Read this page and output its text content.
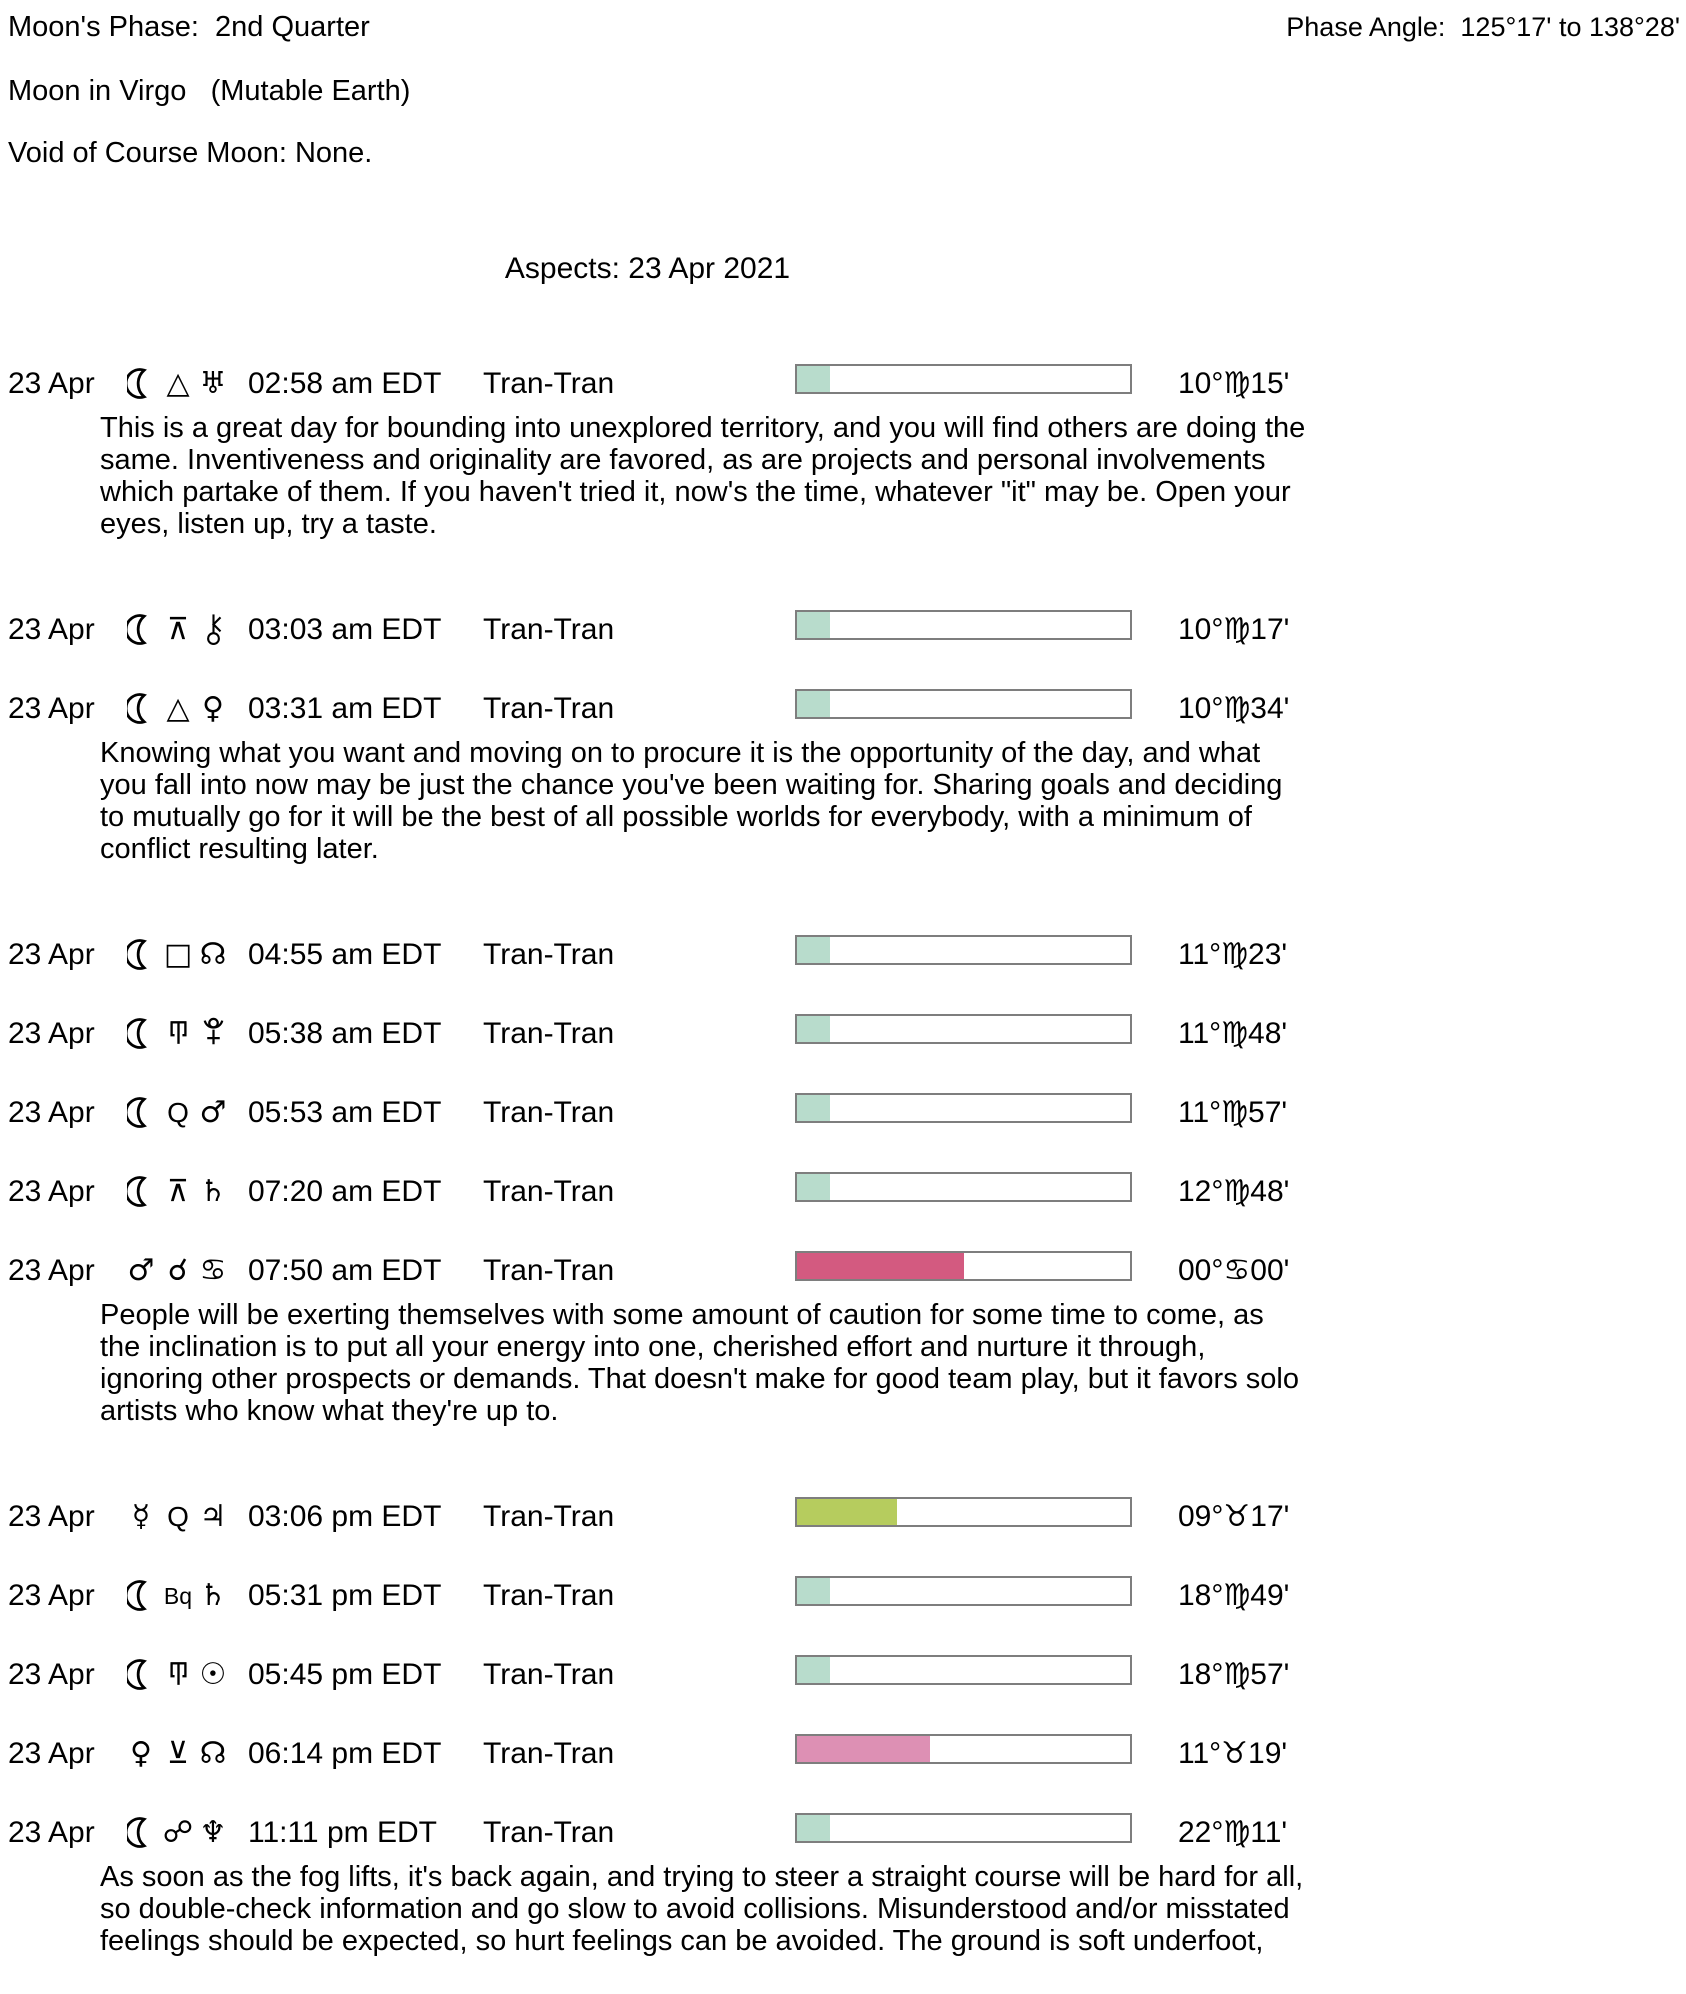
Moon's Phase:  2nd Quarter	Phase Angle:  125°17' to 138°28'
Moon in Virgo   (Mutable Earth)
Void of Course Moon: None.
Aspects: 23 Apr 2021
23 Apr	△ ♅ 02:58 am EDT Tran-Tran	10°♍15'
This is a great day for bounding into unexplored territory, and you will find others are doing the same. Inventiveness and originality are favored, as are projects and personal involvements which partake of them. If you haven't tried it, now's the time, whatever "it" may be. Open your eyes, listen up, try a taste.
23 Apr	⊼	03:03 am EDT Tran-Tran	10°♍17'
23 Apr	△ ♀ 03:31 am EDT Tran-Tran	10°♍34'
Knowing what you want and moving on to procure it is the opportunity of the day, and what you fall into now may be just the chance you've been waiting for. Sharing goals and deciding to mutually go for it will be the best of all possible worlds for everybody, with a minimum of conflict resulting later.
23 Apr □ ☊ 04:55 am EDT Tran-Tran	11°♍23'
23 Apr	05:38 am EDT Tran-Tran	11°♍48'
23 Apr	Q ♂ 05:53 am EDT Tran-Tran	11°♍57'
23 Apr	⊼ ♄ 07:20 am EDT Tran-Tran	12°♍48'
23 Apr ♂ ☌ ♋ 07:50 am EDT Tran-Tran	00°♋00'
People will be exerting themselves with some amount of caution for some time to come, as the inclination is to put all your energy into one, cherished effort and nurture it through, ignoring other prospects or demands. That doesn't make for good team play, but it favors solo artists who know what they're up to.
23 Apr	☿ Q ♃ 03:06 pm EDT Tran-Tran	09°♉17'
23 Apr	Bq ♄ 05:31 pm EDT Tran-Tran	18°♍49'
23 Apr	☉ 05:45 pm EDT Tran-Tran	18°♍57'
23 Apr	♀ ⊻ ☊ 06:14 pm EDT Tran-Tran	11°♉19'
23 Apr ☍ ♆ 11:11 pm EDT Tran-Tran	22°♍11'
As soon as the fog lifts, it's back again, and trying to steer a straight course will be hard for all, so double-check information and go slow to avoid collisions. Misunderstood and/or misstated feelings should be expected, so hurt feelings can be avoided. The ground is soft underfoot,
